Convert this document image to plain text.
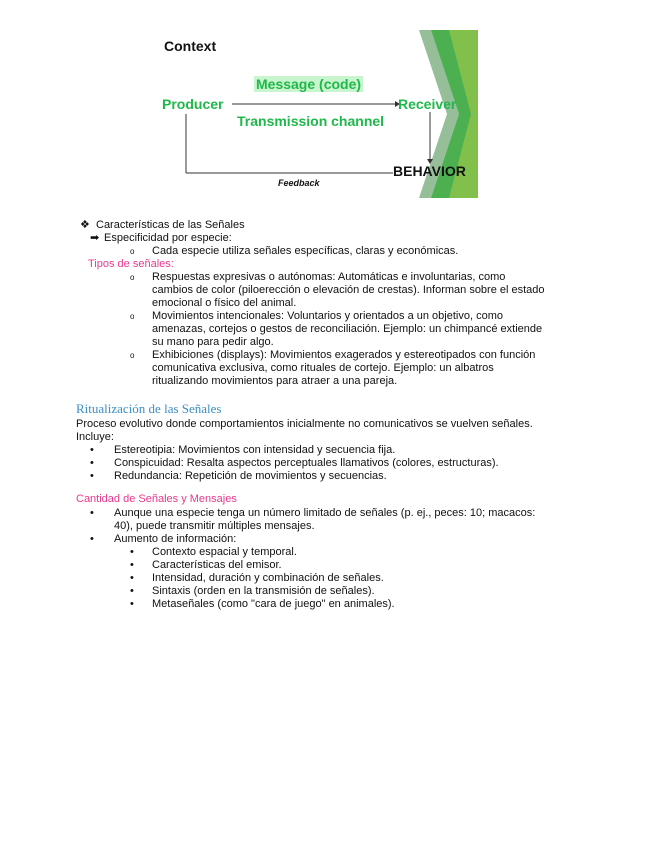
Context
Message (code)
Producer	Receiver
Transmission channel
BEHAVIOR
Feedback
❖ Características de las Señales
➡ Especificidad por especie:
o Cada especie utiliza señales específicas, claras y económicas.
Tipos de señales:
o Respuestas expresivas o autónomas: Automáticas e involuntarias, como
cambios de color (piloerección o elevación de crestas). Informan sobre el estado
emocional o físico del animal.
o Movimientos intencionales: Voluntarios y orientados a un objetivo, como
amenazas, cortejos o gestos de reconciliación. Ejemplo: un chimpancé extiende
su mano para pedir algo.
o Exhibiciones (displays): Movimientos exagerados y estereotipados con función
comunicativa exclusiva, como rituales de cortejo. Ejemplo: un albatros
ritualizando movimientos para atraer a una pareja.
Ritualización de las Señales
Proceso evolutivo donde comportamientos inicialmente no comunicativos se vuelven señales.
Incluye:
• Estereotipia: Movimientos con intensidad y secuencia fija.
• Conspicuidad: Resalta aspectos perceptuales llamativos (colores, estructuras).
• Redundancia: Repetición de movimientos y secuencias.
Cantidad de Señales y Mensajes
• Aunque una especie tenga un número limitado de señales (p. ej., peces: 10; macacos:
40), puede transmitir múltiples mensajes.
• Aumento de información:
• Contexto espacial y temporal.
• Características del emisor.
• Intensidad, duración y combinación de señales.
• Sintaxis (orden en la transmisión de señales).
• Metaseñales (como "cara de juego" en animales).
